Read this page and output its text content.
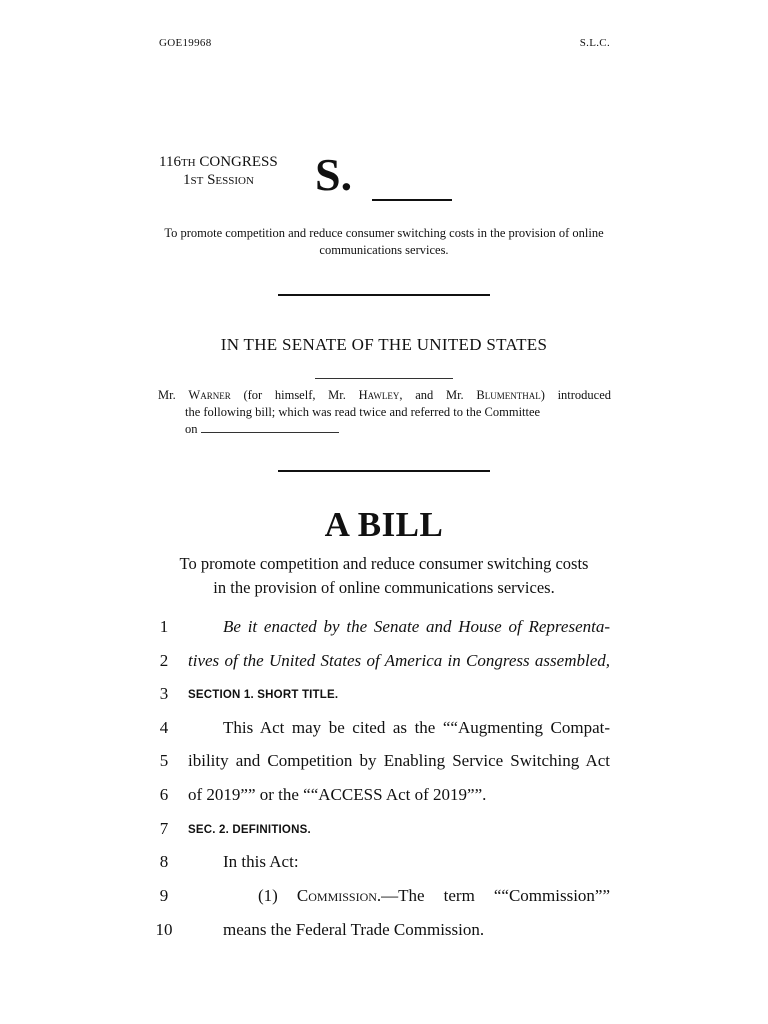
GOE19968	S.L.C.
116TH CONGRESS
1ST Session	S.
To promote competition and reduce consumer switching costs in the provision of online communications services.
IN THE SENATE OF THE UNITED STATES

Mr. Warner (for himself, Mr. Hawley, and Mr. Blumenthal) introduced

the following bill; which was read twice and referred to the Committee

on

A BILL
To promote competition and reduce consumer switching costs
in the provision of online communications services.
1	Be it enacted by the Senate and House of Representa-
2	tives of the United States of America in Congress assembled,
3	SECTION 1. SHORT TITLE.
4	This Act may be cited as the ““Augmenting Compat-
5	ibility and Competition by Enabling Service Switching Act
6	of 2019”” or the ““ACCESS Act of 2019””.
7	SEC. 2. DEFINITIONS.
8	In this Act:
9	(1) Commission.—The term ““Commission””
10	means the Federal Trade Commission.
